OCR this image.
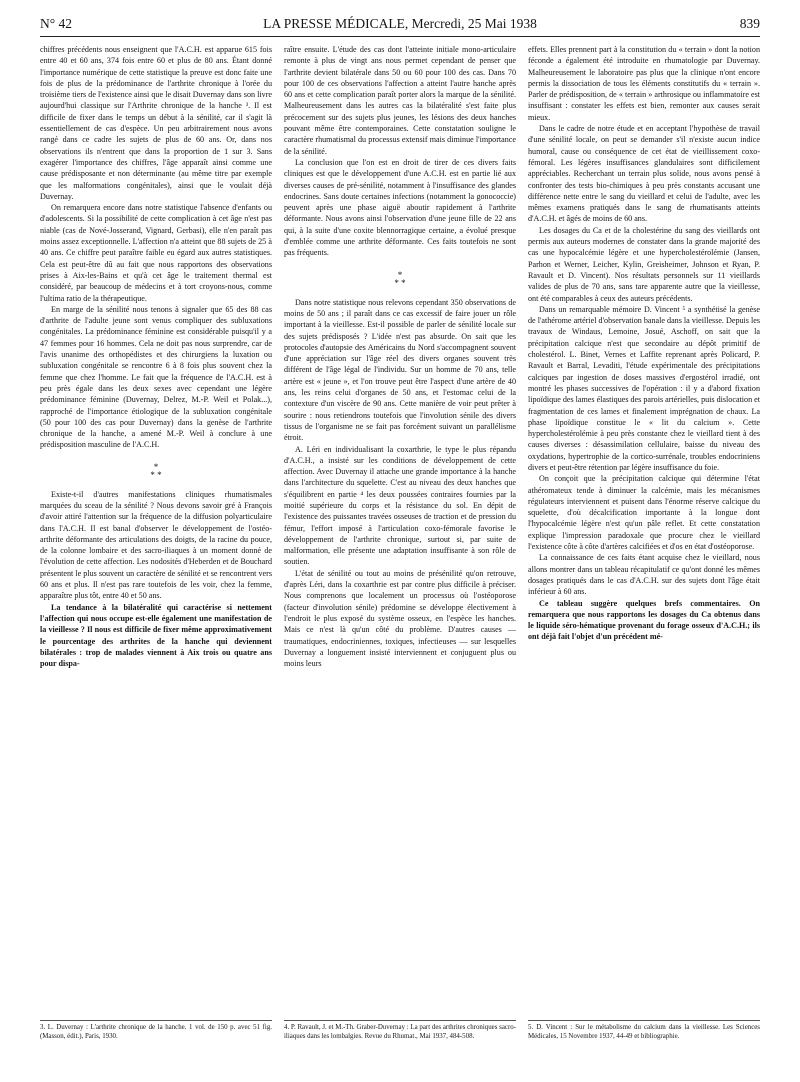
N° 42	LA PRESSE MÉDICALE, Mercredi, 25 Mai 1938	839

chiffres précédents nous enseignent que l'A.C.H. est apparue 615 fois entre 40 et 60 ans, 374 fois entre 60 et plus de 80 ans. Étant donné l'importance numérique de cette statistique la preuve est donc faite une fois de plus de la prédominance de l'arthrite chronique à l'orée du troisième tiers de l'existence ainsi que le disait Duvernay dans son livre aujourd'hui classique sur l'Arthrite chronique de la hanche ³. Il est difficile de fixer dans le temps un début à la sénilité, car il s'agit là essentiellement de cas d'espèce. Un peu arbitrairement nous avons rangé dans ce cadre les sujets de plus de 60 ans. Or, dans nos observations ils n'entrent que dans la proportion de 1 sur 3. Sans exagérer l'importance des chiffres, l'âge apparaît ainsi comme une cause prédisposante et non déterminante (au même titre par exemple que les malformations congénitales), ainsi que le voulait déjà Duvernay.

On remarquera encore dans notre statistique l'absence d'enfants ou d'adolescents. Si la possibilité de cette complication à cet âge n'est pas niable (cas de Nové-Josserand, Vignard, Gerbasi), elle n'en paraît pas moins assez exceptionnelle. L'affection n'a atteint que 88 sujets de 25 à 40 ans. Ce chiffre peut paraître faible eu égard aux autres statistiques. Cela est peut-être dû au fait que nous rapportons des observations prises à Aix-les-Bains et qu'à cet âge le traitement thermal est considéré, par beaucoup de médecins et à tort croyons-nous, comme l'ultima ratio de la thérapeutique.

En marge de la sénilité nous tenons à signaler que 65 des 88 cas d'arthrite de l'adulte jeune sont venus compliquer des subluxations congénitales. La prédominance féminine est considérable puisqu'il y a 47 femmes pour 16 hommes. Cela ne doit pas nous surprendre, car de l'avis unanime des orthopédistes et des chirurgiens la luxation ou subluxation congénitale se rencontre 6 à 8 fois plus souvent chez la femme que chez l'homme. Le fait que la fréquence de l'A.C.H. est à peu près égale dans les deux sexes avec cependant une légère prédominance féminine (Duvernay, Delrez, M.-P. Weil et Polak...), rapproché de l'importance étiologique de la subluxation congénitale (50 pour 100 des cas pour Duvernay) dans la genèse de l'arthrite chronique de la hanche, a amené M.-P. Weil à conclure à une prédisposition masculine de l'A.C.H.

*
* *

Existe-t-il d'autres manifestations cliniques rhumatismales marquées du sceau de la sénilité ? Nous devons savoir gré à François d'avoir attiré l'attention sur la fréquence de la diffusion polyarticulaire dans l'A.C.H. Il est banal d'observer le développement de l'ostéo-arthrite déformante des articulations des doigts, de la racine du pouce, de la colonne lombaire et des sacro-iliaques à un moment donné de l'évolution de cette affection. Les nodosités d'Heberden et de Bouchard présentent le plus souvent un caractère de sénilité et se rencontrent vers 60 ans et plus. Il n'est pas rare toutefois de les voir, chez la femme, apparaître plus tôt, entre 40 et 50 ans.

La tendance à la bilatéralité qui caractérise si nettement l'affection qui nous occupe est-elle également une manifestation de la vieillesse ? Il nous est difficile de fixer même approximativement le pourcentage des arthrites de la hanche qui deviennent bilatérales : trop de malades viennent à Aix trois ou quatre ans pour dispa-

3. L. Duvernay : L'arthrite chronique de la hanche. 1 vol. de 150 p. avec 51 fig. (Masson, édit.), Paris, 1930.

raître ensuite. L'étude des cas dont l'atteinte initiale mono-articulaire remonte à plus de vingt ans nous permet cependant de penser que l'arthrite devient bilatérale dans 50 ou 60 pour 100 des cas. Dans 70 pour 100 de ces observations l'affection a atteint l'autre hanche après 60 ans et cette complication paraît porter alors la marque de la sénilité. Malheureusement dans les autres cas la bilatéralité s'est faite plus précocement sur des sujets plus jeunes, les lésions des deux hanches pouvant même être contemporaines. Cette constatation souligne le caractère rhumatismal du processus extensif mais diminue l'importance de la sénilité.

La conclusion que l'on est en droit de tirer de ces divers faits cliniques est que le développement d'une A.C.H. est en partie lié aux diverses causes de pré-sénilité, notamment à l'insuffisance des glandes endocrines. Sans doute certaines infections (notamment la gonococcie) peuvent après une phase aiguë aboutir rapidement à l'arthrite déformante. Nous avons ainsi l'observation d'une jeune fille de 22 ans qui, à la suite d'une coxite blennorragique certaine, a évolué presque d'emblée comme une arthrite déformante. Ces faits toutefois ne sont pas fréquents.

*
* *

Dans notre statistique nous relevons cependant 350 observations de moins de 50 ans ; il paraît dans ce cas excessif de faire jouer un rôle important à la vieillesse. Est-il possible de parler de sénilité locale sur des sujets prédisposés ? L'idée n'est pas absurde. On sait que les protocoles d'autopsie des Américains du Nord s'accompagnent souvent d'une appréciation sur l'âge réel des divers organes souvent très différent de l'âge légal de l'individu. Sur un homme de 70 ans, telle artère est « jeune », et l'on trouve peut être l'aspect d'une artère de 40 ans, les reins celui d'organes de 50 ans, et l'estomac celui de la contexture d'un viscère de 90 ans. Cette manière de voir peut prêter à sourire : nous retiendrons toutefois que l'involution sénile des divers tissus de l'organisme ne se fait pas forcément suivant un parallélisme étroit.

A. Léri en individualisant la coxarthrie, le type le plus répandu d'A.C.H., a insisté sur les conditions de développement de cette affection. Avec Duvernay il attache une grande importance à la hanche dans l'architecture du squelette. C'est au niveau des deux hanches que s'équilibrent en partie ⁴ les deux poussées contraires fournies par la moitié supérieure du corps et la résistance du sol. En dépit de l'existence des puissantes travées osseuses de traction et de pression du fémur, l'effort imposé à l'articulation coxo-fémorale favorise le développement de l'arthrite chronique, surtout si, par suite de malformation, elle présente une adaptation insuffisante à son rôle de soutien.

L'état de sénilité ou tout au moins de présénilité qu'on retrouve, d'après Léri, dans la coxarthrie est par contre plus difficile à préciser. Nous comprenons que localement un processus où l'ostéoporose (facteur d'involution sénile) prédomine se développe électivement à l'endroit le plus exposé du système osseux, en l'espèce les hanches. Mais ce n'est là qu'un côté du problème. D'autres causes — traumatiques, endocriniennes, toxiques, infectieuses — sur lesquelles Duvernay a longuement insisté interviennent et conjuguent plus ou moins leurs

4. P. Ravault, J. et M.-Th. Graber-Duvernay : La part des arthrites chroniques sacro-iliaques dans les lombalgies. Revue du Rhumat., Mai 1937, 484-508.

effets. Elles prennent part à la constitution du « terrain » dont la notion féconde a également été introduite en rhumatologie par Duvernay. Malheureusement le laboratoire pas plus que la clinique n'ont encore permis la dissociation de tous les éléments constitutifs du « terrain ». Parler de prédisposition, de « terrain » arthrosique ou inflammatoire est insuffisant : constater les effets est bien, remonter aux causes serait mieux.

Dans le cadre de notre étude et en acceptant l'hypothèse de travail d'une sénilité locale, on peut se demander s'il n'existe aucun indice humoral, cause ou conséquence de cet état de vieillissement coxo-fémoral. Les légères insuffisances glandulaires sont difficilement appréciables. Recherchant un terrain plus solide, nous avons pensé à confronter des tests bio-chimiques à peu près constants accusant une différence nette entre le sang du vieillard et celui de l'adulte, avec les mêmes examens pratiqués dans le sang de rhumatisants atteints d'A.C.H. et âgés de moins de 60 ans.

Les dosages du Ca et de la cholestérine du sang des vieillards ont permis aux auteurs modernes de constater dans la grande majorité des cas une hypocalcémie légère et une hypercholestérolémie (Jansen, Parhon et Werner, Leicher, Kylin, Greisheimer, Johnson et Ryan, P. Ravault et D. Vincent). Nos résultats personnels sur 11 vieillards valides de plus de 70 ans, sans tare apparente autre que la vieillesse, ont été comparables à ceux des auteurs précédents.

Dans un remarquable mémoire D. Vincent ⁵ a synthétisé la genèse de l'athérome artériel d'observation banale dans la vieillesse. Depuis les travaux de Windaus, Lemoine, Josué, Aschoff, on sait que la précipitation calcique n'est que secondaire au dépôt primitif de cholestérol. L. Binet, Vernes et Laffite reprenant après Policard, P. Ravault et Barral, Levaditi, l'étude expérimentale des précipitations calciques par ingestion de doses massives d'ergostérol irradié, ont montré les phases successives de l'opération : il y a d'abord fixation lipoïdique des lames élastiques des parois artérielles, puis dislocation et fragmentation de ces lames et finalement imprégnation de chaux. La phase lipoïdique constitue le « lit du calcium ». Cette hypercholestérolémie à peu près constante chez le vieillard tient à des causes diverses : désassimilation cellulaire, baisse du niveau des oxydations, hypertrophie de la cortico-surrénale, troubles endocriniens divers et peut-être rétention par légère insuffisance du foie.

On conçoit que la précipitation calcique qui détermine l'état athéromateux tende à diminuer la calcémie, mais les mécanismes régulateurs interviennent et puisent dans l'énorme réserve calcique du squelette, d'où décalcification importante à la longue dont l'hypocalcémie légère n'est qu'un pâle reflet. Et cette constatation explique l'impression paradoxale que procure chez le vieillard l'existence côte à côte d'artères calcifiées et d'os en état d'ostéoporose.

La connaissance de ces faits étant acquise chez le vieillard, nous allons montrer dans un tableau récapitulatif ce qu'ont donné les mêmes dosages pratiqués dans le cas d'A.C.H. sur des sujets dont l'âge était inférieur à 60 ans.

Ce tableau suggère quelques brefs commentaires. On remarquera que nous rapportons les dosages du Ca obtenus dans le liquide séro-hématique provenant du forage osseux d'A.C.H.; ils ont déjà fait l'objet d'un précédent mé-

5. D. Vincent : Sur le métabolisme du calcium dans la vieillesse. Les Sciences Médicales, 15 Novembre 1937, 44-49 et bibliographie.
